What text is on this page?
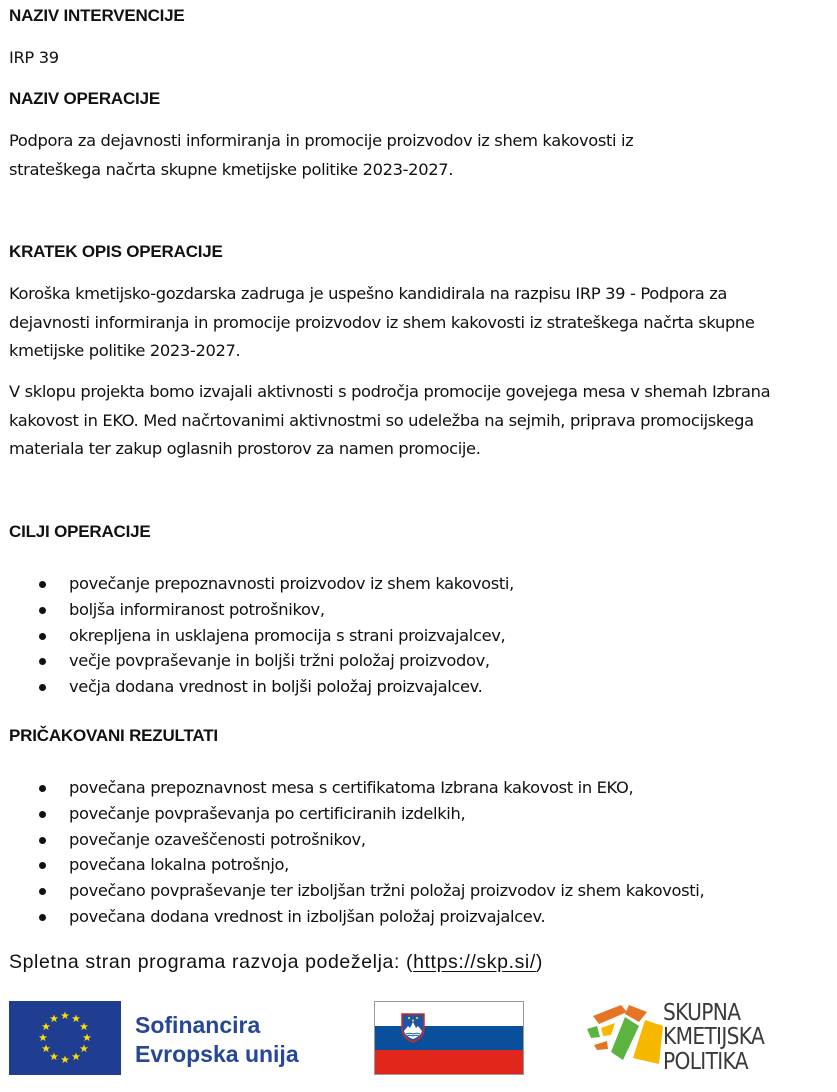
NAZIV INTERVENCIJE
IRP 39
NAZIV OPERACIJE
Podpora za dejavnosti informiranja in promocije proizvodov iz shem kakovosti iz strateškega načrta skupne kmetijske politike 2023-2027.
KRATEK OPIS OPERACIJE
Koroška kmetijsko-gozdarska zadruga je uspešno kandidirala na razpisu IRP 39 - Podpora za dejavnosti informiranja in promocije proizvodov iz shem kakovosti iz strateškega načrta skupne kmetijske politike 2023-2027.
V sklopu projekta bomo izvajali aktivnosti s področja promocije govejega mesa v shemah Izbrana kakovost in EKO. Med načrtovanimi aktivnostmi so udeležba na sejmih, priprava promocijskega materiala ter zakup oglasnih prostorov za namen promocije.
CILJI OPERACIJE
povečanje prepoznavnosti proizvodov iz shem kakovosti,
boljša informiranost potrošnikov,
okrepljena in usklajena promocija s strani proizvajalcev,
večje povpraševanje in boljši tržni položaj proizvodov,
večja dodana vrednost in boljši položaj proizvajalcev.
PRIČAKOVANI REZULTATI
povečana prepoznavnost mesa s certifikatoma Izbrana kakovost in EKO,
povečanje povpraševanja po certificiranih izdelkih,
povečanje ozaveščenosti potrošnikov,
povečana lokalna potrošnjo,
povečano povpraševanje ter izboljšan tržni položaj proizvodov iz shem kakovosti,
povečana dodana vrednost in izboljšan položaj proizvajalcev.
Spletna stran programa razvoja podeželja: (https://skp.si/)
Sofinancira
Evropska unija
SKUPNA
KMETIJSKA
POLITIKA
